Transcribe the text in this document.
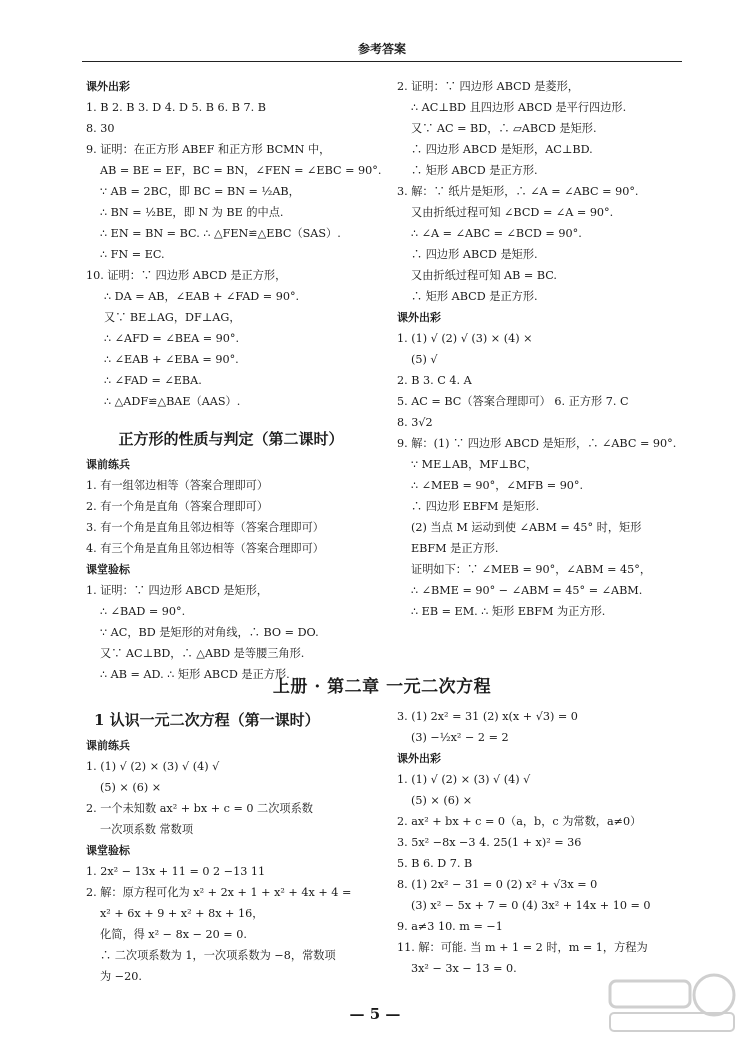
参考答案
课外出彩
1. B 2. B 3. D 4. D 5. B 6. B 7. B
8. 30
9. 证明：在正方形 ABEF 和正方形 BCMN 中，
AB = BE = EF，BC = BN，∠FEN = ∠EBC = 90°.
∵ AB = 2BC，即 BC = BN = ½AB，
∴ BN = ½BE，即 N 为 BE 的中点.
∴ EN = BN = BC. ∴ △FEN≌△EBC（SAS）.
∴ FN = EC.
10. 证明：∵ 四边形 ABCD 是正方形，
∴ DA = AB，∠EAB + ∠FAD = 90°.
又∵ BE⊥AG，DF⊥AG，
∴ ∠AFD = ∠BEA = 90°.
∴ ∠EAB + ∠EBA = 90°.
∴ ∠FAD = ∠EBA.
∴ △ADF≌△BAE（AAS）.
正方形的性质与判定（第二课时）
课前练兵
1. 有一组邻边相等（答案合理即可）
2. 有一个角是直角（答案合理即可）
3. 有一个角是直角且邻边相等（答案合理即可）
4. 有三个角是直角且邻边相等（答案合理即可）
课堂验标
1. 证明：∵ 四边形 ABCD 是矩形，
∴ ∠BAD = 90°.
∵ AC，BD 是矩形的对角线，∴ BO = DO.
又∵ AC⊥BD，∴ △ABD 是等腰三角形.
∴ AB = AD. ∴ 矩形 ABCD 是正方形.
2. 证明：∵ 四边形 ABCD 是菱形，
∴ AC⊥BD 且四边形 ABCD 是平行四边形.
又∵ AC = BD，∴ ▱ABCD 是矩形.
∴ 四边形 ABCD 是矩形，AC⊥BD.
∴ 矩形 ABCD 是正方形.
3. 解：∵ 纸片是矩形，∴ ∠A = ∠ABC = 90°.
又由折纸过程可知 ∠BCD = ∠A = 90°.
∴ ∠A = ∠ABC = ∠BCD = 90°.
∴ 四边形 ABCD 是矩形.
又由折纸过程可知 AB = BC.
∴ 矩形 ABCD 是正方形.
课外出彩
1. (1) √ (2) √ (3) × (4) ×
(5) √
2. B 3. C 4. A
5. AC = BC（答案合理即可） 6. 正方形 7. C
8. 3√2
9. 解：(1) ∵ 四边形 ABCD 是矩形，∴ ∠ABC = 90°.
∵ ME⊥AB，MF⊥BC，
∴ ∠MEB = 90°，∠MFB = 90°.
∴ 四边形 EBFM 是矩形.
(2) 当点 M 运动到使 ∠ABM = 45° 时，矩形
EBFM 是正方形.
证明如下：∵ ∠MEB = 90°，∠ABM = 45°，
∴ ∠BME = 90° − ∠ABM = 45° = ∠ABM.
∴ EB = EM. ∴ 矩形 EBFM 为正方形.
上册 · 第二章 一元二次方程
1 认识一元二次方程（第一课时）
课前练兵
1. (1) √ (2) × (3) √ (4) √
(5) × (6) ×
2. 一个未知数 ax² + bx + c = 0 二次项系数
一次项系数 常数项
课堂验标
1. 2x² − 13x + 11 = 0 2 −13 11
2. 解：原方程可化为 x² + 2x + 1 + x² + 4x + 4 =
x² + 6x + 9 + x² + 8x + 16，
化简，得 x² − 8x − 20 = 0.
∴ 二次项系数为 1，一次项系数为 −8，常数项
为 −20.
3. (1) 2x² = 31 (2) x(x + √3) = 0
(3) −½x² − 2 = 2
课外出彩
1. (1) √ (2) × (3) √ (4) √
(5) × (6) ×
2. ax² + bx + c = 0（a，b，c 为常数，a≠0）
3. 5x² −8x −3 4. 25(1 + x)² = 36
5. B 6. D 7. B
8. (1) 2x² − 31 = 0 (2) x² + √3x = 0
(3) x² − 5x + 7 = 0 (4) 3x² + 14x + 10 = 0
9. a≠3 10. m = −1
11. 解：可能. 当 m + 1 = 2 时，m = 1，方程为
3x² − 3x − 13 = 0.
— 5 —
